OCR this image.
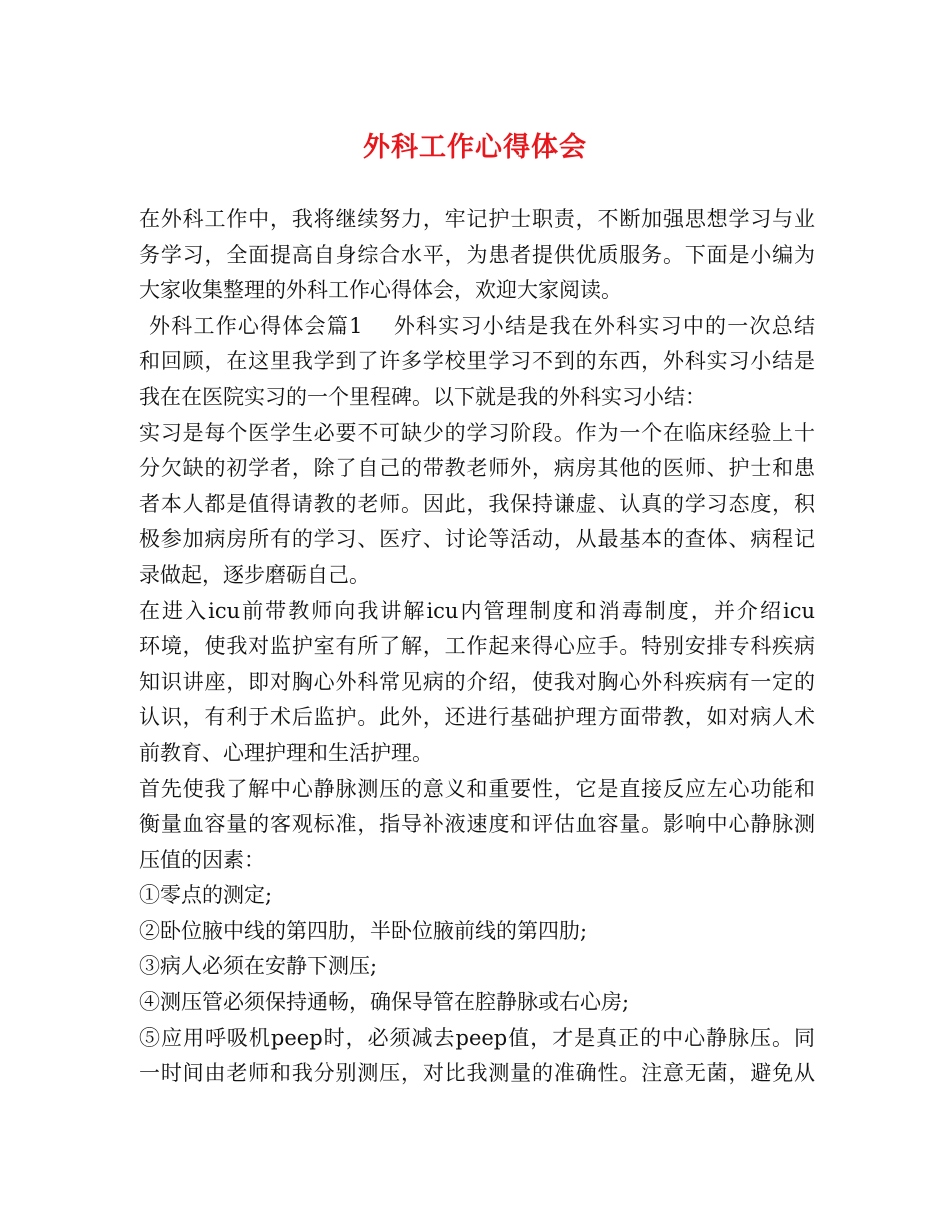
外科工作心得体会
在外科工作中，我将继续努力，牢记护士职责，不断加强思想学习与业
务学习，全面提高自身综合水平，为患者提供优质服务。下面是小编为
大家收集整理的外科工作心得体会，欢迎大家阅读。
外科工作心得体会篇1　 外科实习小结是我在外科实习中的一次总结
和回顾，在这里我学到了许多学校里学习不到的东西，外科实习小结是
我在在医院实习的一个里程碑。以下就是我的外科实习小结：
实习是每个医学生必要不可缺少的学习阶段。作为一个在临床经验上十
分欠缺的初学者，除了自己的带教老师外，病房其他的医师、护士和患
者本人都是值得请教的老师。因此，我保持谦虚、认真的学习态度，积
极参加病房所有的学习、医疗、讨论等活动，从最基本的查体、病程记
录做起，逐步磨砺自己。
在进入icu前带教师向我讲解icu内管理制度和消毒制度，并介绍icu
环境，使我对监护室有所了解，工作起来得心应手。特别安排专科疾病
知识讲座，即对胸心外科常见病的介绍，使我对胸心外科疾病有一定的
认识，有利于术后监护。此外，还进行基础护理方面带教，如对病人术
前教育、心理护理和生活护理。
首先使我了解中心静脉测压的意义和重要性，它是直接反应左心功能和
衡量血容量的客观标准，指导补液速度和评估血容量。影响中心静脉测
压值的因素：
①零点的测定;
②卧位腋中线的第四肋，半卧位腋前线的第四肋;
③病人必须在安静下测压;
④测压管必须保持通畅，确保导管在腔静脉或右心房;
⑤应用呼吸机peep时，必须减去peep值，才是真正的中心静脉压。同
一时间由老师和我分别测压，对比我测量的准确性。注意无菌，避免从
